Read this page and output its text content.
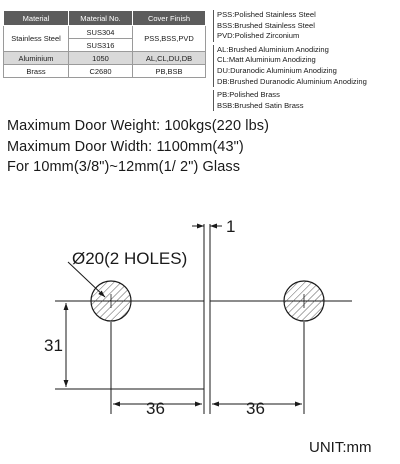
Material	Material No.	Cover Finish
Stainless Steel	SUS304	PSS,BSS,PVD
	SUS316	
Aluminium	1050	AL,CL,DU,DB
Brass	C2680	PB,BSB
PSS:Polished Stainless Steel
BSS:Brushed Stainless Steel
PVD:Polished Zirconium
AL:Brushed Aluminium Anodizing
CL:Matt Aluminium Anodizing
DU:Duranodic Aluminium Anodizing
DB:Brushed Duranodic Aluminium Anodizing
PB:Polished Brass
BSB:Brushed Satin Brass
Maximum Door Weight: 100kgs(220 lbs)
Maximum Door Width: 1100mm(43")
For 10mm(3/8")~12mm(1/ 2") Glass
1
Ø20(2 HOLES)
31
36	36
UNIT:mm
